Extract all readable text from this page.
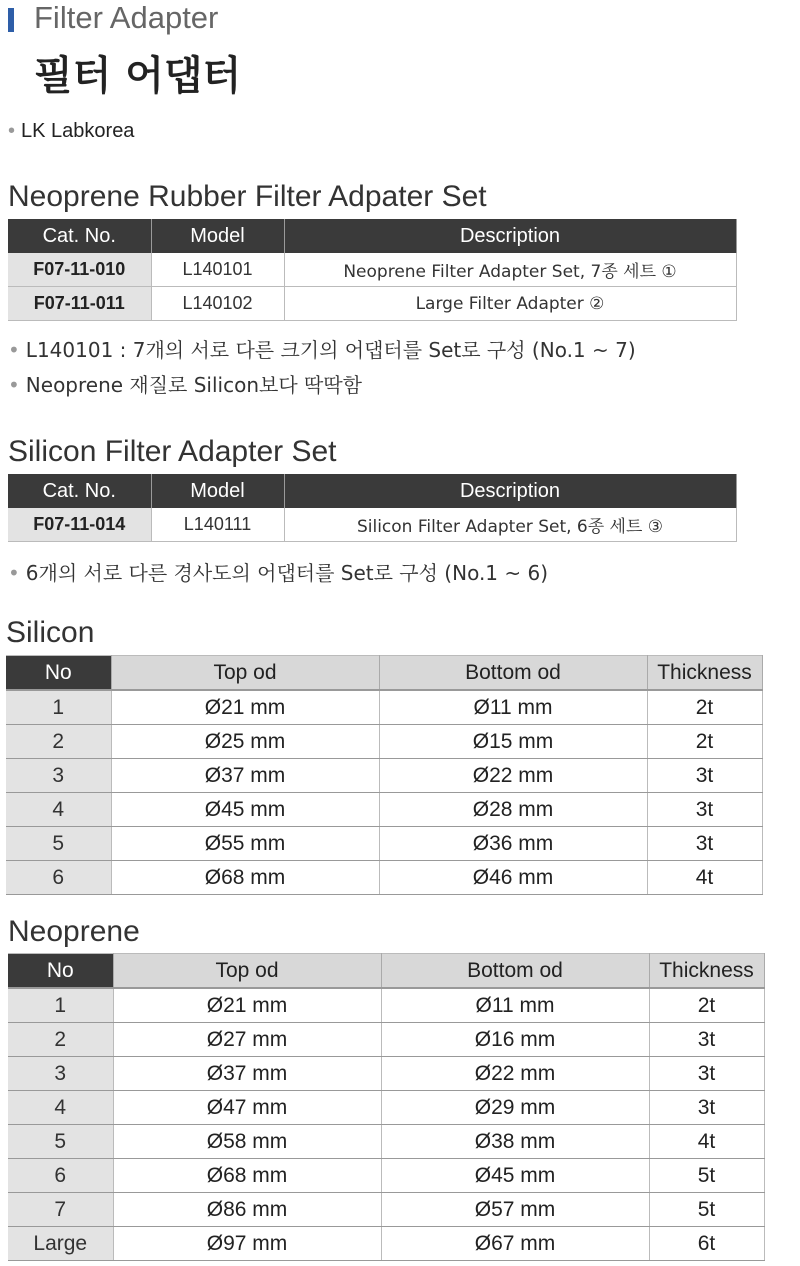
Filter Adapter
필터 어댑터
• LK Labkorea
Neoprene Rubber Filter Adpater Set
Cat. No.	Model	Description
F07-11-010	L140101	Neoprene Filter Adapter Set, 7종 세트 ①
F07-11-011	L140102	Large Filter Adapter ②
• L140101 : 7개의 서로 다른 크기의 어댑터를 Set로 구성 (No.1 ~ 7)
• Neoprene 재질로 Silicon보다 딱딱함
Silicon Filter Adapter Set
Cat. No.	Model	Description
F07-11-014	L140111	Silicon Filter Adapter Set, 6종 세트 ③
• 6개의 서로 다른 경사도의 어댑터를 Set로 구성 (No.1 ~ 6)
Silicon
No	Top od	Bottom od	Thickness
1	Ø21 mm	Ø11 mm	2t
2	Ø25 mm	Ø15 mm	2t
3	Ø37 mm	Ø22 mm	3t
4	Ø45 mm	Ø28 mm	3t
5	Ø55 mm	Ø36 mm	3t
6	Ø68 mm	Ø46 mm	4t
Neoprene
No	Top od	Bottom od	Thickness
1	Ø21 mm	Ø11 mm	2t
2	Ø27 mm	Ø16 mm	3t
3	Ø37 mm	Ø22 mm	3t
4	Ø47 mm	Ø29 mm	3t
5	Ø58 mm	Ø38 mm	4t
6	Ø68 mm	Ø45 mm	5t
7	Ø86 mm	Ø57 mm	5t
Large	Ø97 mm	Ø67 mm	6t
